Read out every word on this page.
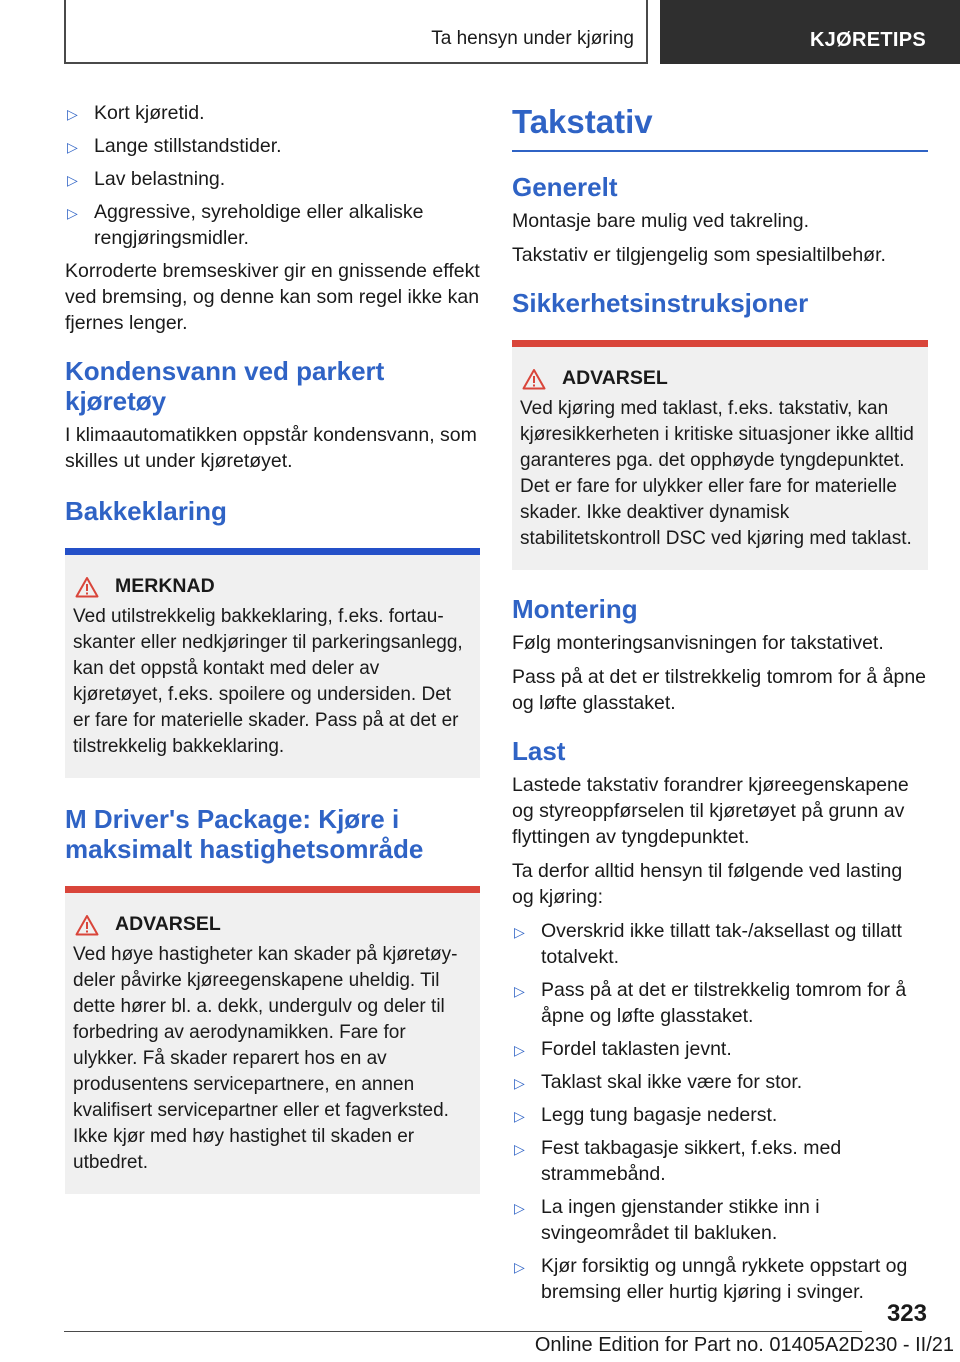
Ta hensyn under kjøring	KJØRETIPS
▷ Kort kjøretid.
▷ Lange stillstandstider.
▷ Lav belastning.
▷ Aggressive, syreholdige eller alkaliske rengjøringsmidler.

Korroderte bremseskiver gir en gnissende effekt ved bremsing, og denne kan som regel ikke kan fjernes lenger.

Kondensvann ved parkert kjøretøy

I klimaautomatikken oppstår kondensvann, som skilles ut under kjøretøyet.

Bakkeklaring
MERKNAD

Ved utilstrekkelig bakkeklaring, f.eks. fortauskanter eller nedkjøringer til parkeringsanlegg, kan det oppstå kontakt med deler av kjøretøyet, f.eks. spoilere og undersiden. Det er fare for materielle skader. Pass på at det er tilstrekkelig bakkeklaring.

M Driver's Package: Kjøre i maksimalt hastighetsområde
ADVARSEL

Ved høye hastigheter kan skader på kjøretøydeler påvirke kjøreegenskapene uheldig. Til dette hører bl. a. dekk, undergulv og deler til forbedring av aerodynamikken. Fare for ulykker. Få skader reparert hos en av produsentens servicepartnere, en annen kvalifisert servicepartner eller et fagverksted. Ikke kjør med høy hastighet til skaden er utbedret.

Takstativ
Generelt

Montasje bare mulig ved takreling.

Takstativ er tilgjengelig som spesialtilbehør.

Sikkerhetsinstruksjoner
ADVARSEL

Ved kjøring med taklast, f.eks. takstativ, kan kjøresikkerheten i kritiske situasjoner ikke alltid garanteres pga. det opphøyde tyngdepunktet. Det er fare for ulykker eller fare for materielle skader. Ikke deaktiver dynamisk stabilitetskontroll DSC ved kjøring med taklast.

Montering

Følg monteringsanvisningen for takstativet.

Pass på at det er tilstrekkelig tomrom for å åpne og løfte glasstaket.

Last

Lastede takstativ forandrer kjøreegenskapene og styreoppførselen til kjøretøyet på grunn av flyttingen av tyngdepunktet.

Ta derfor alltid hensyn til følgende ved lasting og kjøring:

▷ Overskrid ikke tillatt tak-/aksellast og tillatt totalvekt.
▷ Pass på at det er tilstrekkelig tomrom for å åpne og løfte glasstaket.
▷ Fordel taklasten jevnt.
▷ Taklast skal ikke være for stor.
▷ Legg tung bagasje nederst.
▷ Fest takbagasje sikkert, f.eks. med strammebånd.
▷ La ingen gjenstander stikke inn i svingeområdet til bakluken.
▷ Kjør forsiktig og unngå rykkete oppstart og bremsing eller hurtig kjøring i svinger.
323
Online Edition for Part no. 01405A2D230 - II/21
